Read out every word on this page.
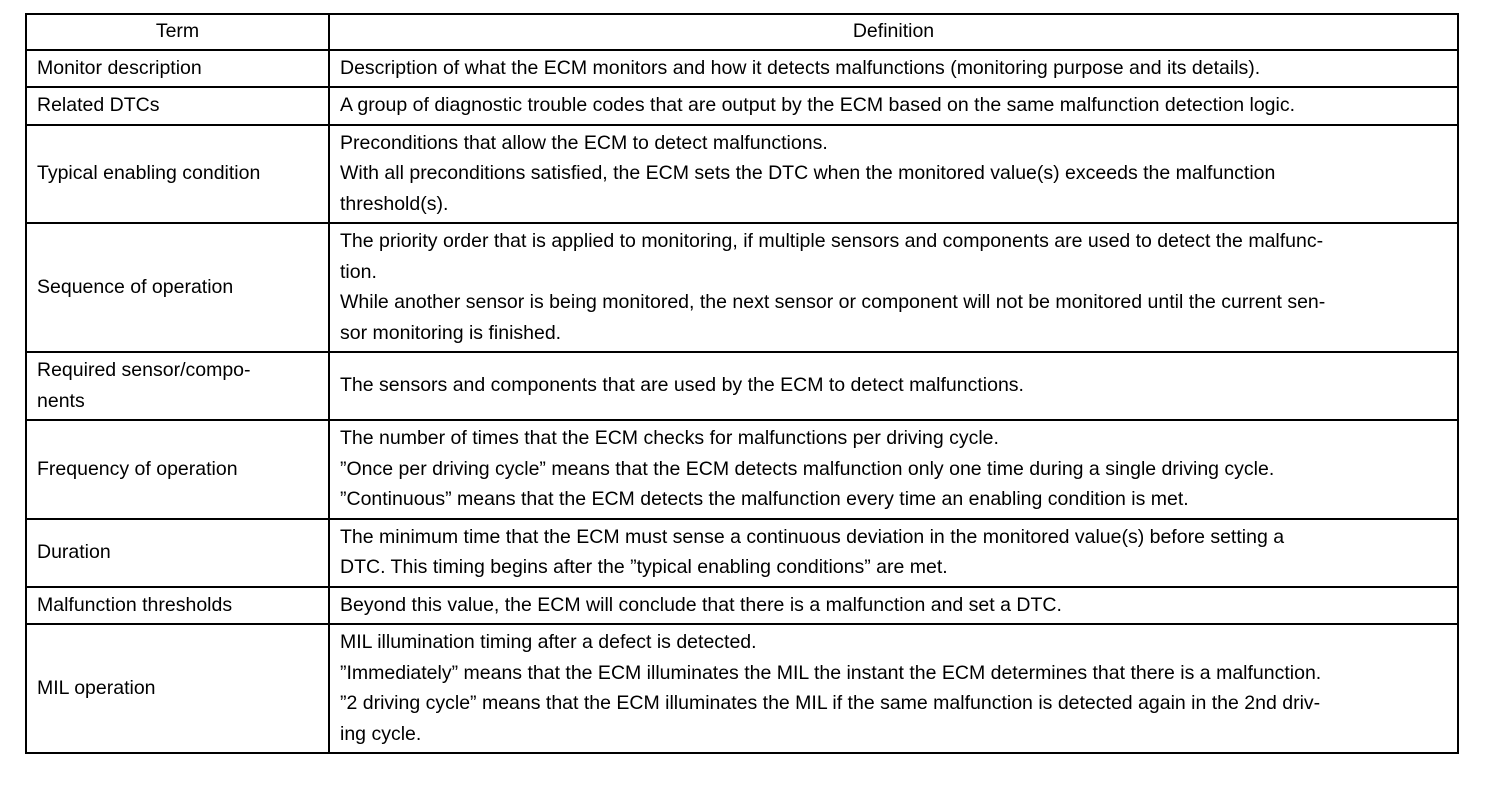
Term	Definition

Monitor description	Description of what the ECM monitors and how it detects malfunctions (monitoring purpose and its details).

Related DTCs	A group of diagnostic trouble codes that are output by the ECM based on the same malfunction detection logic.

Typical enabling condition	Preconditions that allow the ECM to detect malfunctions.
With all preconditions satisfied, the ECM sets the DTC when the monitored value(s) exceeds the malfunction
threshold(s).

Sequence of operation	The priority order that is applied to monitoring, if multiple sensors and components are used to detect the malfunc-
tion.
While another sensor is being monitored, the next sensor or component will not be monitored until the current sen-
sor monitoring is finished.

Required sensor/compo-
nents	The sensors and components that are used by the ECM to detect malfunctions.

Frequency of operation	The number of times that the ECM checks for malfunctions per driving cycle.
”Once per driving cycle” means that the ECM detects malfunction only one time during a single driving cycle.
”Continuous” means that the ECM detects the malfunction every time an enabling condition is met.

Duration	The minimum time that the ECM must sense a continuous deviation in the monitored value(s) before setting a
DTC. This timing begins after the ”typical enabling conditions” are met.

Malfunction thresholds	Beyond this value, the ECM will conclude that there is a malfunction and set a DTC.

MIL operation	MIL illumination timing after a defect is detected.
”Immediately” means that the ECM illuminates the MIL the instant the ECM determines that there is a malfunction.
”2 driving cycle” means that the ECM illuminates the MIL if the same malfunction is detected again in the 2nd driv-
ing cycle.
